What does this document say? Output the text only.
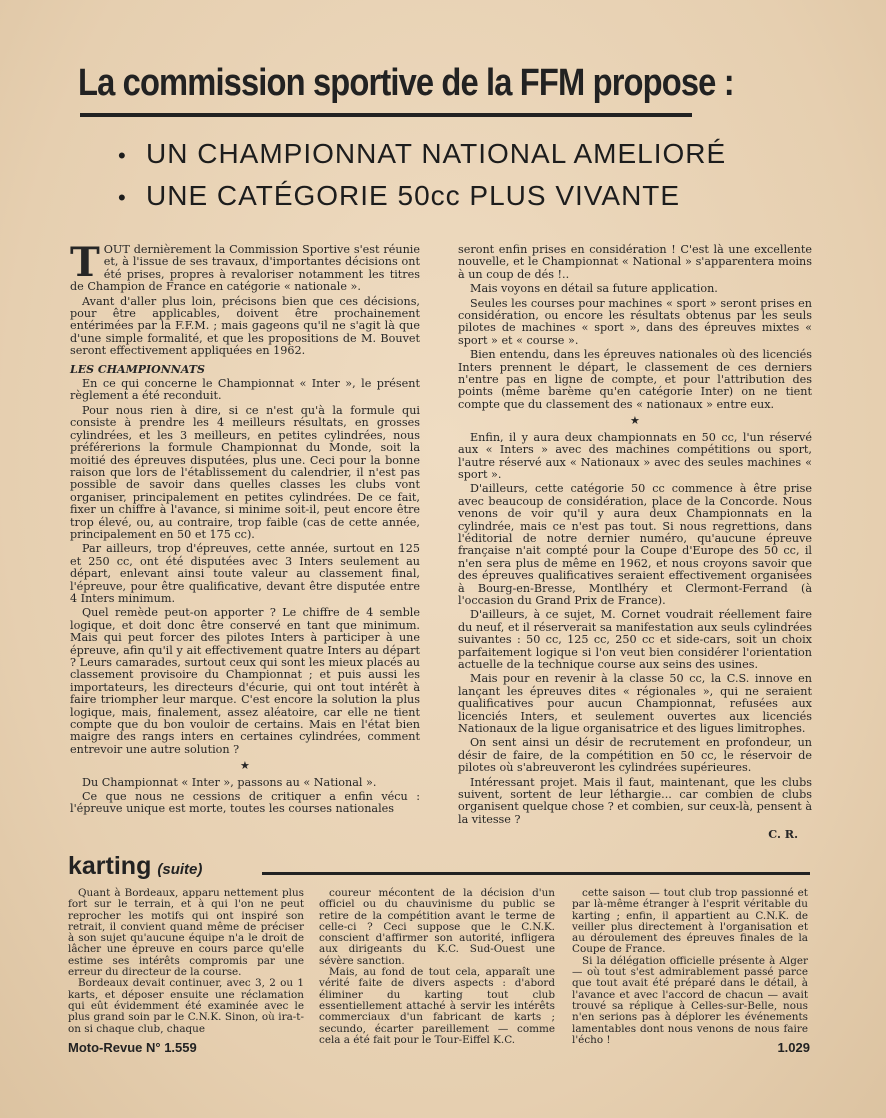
La commission sportive de la FFM propose :
• UN CHAMPIONNAT NATIONAL AMELIORÉ
• UNE CATÉGORIE 50cc PLUS VIVANTE

TOUT dernièrement la Commission Sportive s'est réunie et, à l'issue de ses travaux, d'importantes décisions ont été prises, propres à revaloriser notamment les titres de Champion de France en catégorie « nationale ».

Avant d'aller plus loin, précisons bien que ces décisions, pour être applicables, doivent être prochainement entérimées par la F.F.M. ; mais gageons qu'il ne s'agit là que d'une simple formalité, et que les propositions de M. Bouvet seront effectivement appliquées en 1962.

LES CHAMPIONNATS

En ce qui concerne le Championnat « Inter », le présent règlement a été reconduit.

Pour nous rien à dire, si ce n'est qu'à la formule qui consiste à prendre les 4 meilleurs résultats, en grosses cylindrées, et les 3 meilleurs, en petites cylindrées, nous préférerions la formule Championnat du Monde, soit la moitié des épreuves disputées, plus une. Ceci pour la bonne raison que lors de l'établissement du calendrier, il n'est pas possible de savoir dans quelles classes les clubs vont organiser, principalement en petites cylindrées. De ce fait, fixer un chiffre à l'avance, si minime soit-il, peut encore être trop élevé, ou, au contraire, trop faible (cas de cette année, principalement en 50 et 175 cc).

Par ailleurs, trop d'épreuves, cette année, surtout en 125 et 250 cc, ont été disputées avec 3 Inters seulement au départ, enlevant ainsi toute valeur au classement final, l'épreuve, pour être qualificative, devant être disputée entre 4 Inters minimum.

Quel remède peut-on apporter ? Le chiffre de 4 semble logique, et doit donc être conservé en tant que minimum. Mais qui peut forcer des pilotes Inters à participer à une épreuve, afin qu'il y ait effectivement quatre Inters au départ ? Leurs camarades, surtout ceux qui sont les mieux placés au classement provisoire du Championnat ; et puis aussi les importateurs, les directeurs d'écurie, qui ont tout intérêt à faire triompher leur marque. C'est encore la solution la plus logique, mais, finalement, assez aléatoire, car elle ne tient compte que du bon vouloir de certains. Mais en l'état bien maigre des rangs inters en certaines cylindrées, comment entrevoir une autre solution ?

★

Du Championnat « Inter », passons au « National ».

Ce que nous ne cessions de critiquer a enfin vécu : l'épreuve unique est morte, toutes les courses nationales

seront enfin prises en considération ! C'est là une excellente nouvelle, et le Championnat « National » s'apparentera moins à un coup de dés !..

Mais voyons en détail sa future application.

Seules les courses pour machines « sport » seront prises en considération, ou encore les résultats obtenus par les seuls pilotes de machines « sport », dans des épreuves mixtes « sport » et « course ».

Bien entendu, dans les épreuves nationales où des licenciés Inters prennent le départ, le classement de ces derniers n'entre pas en ligne de compte, et pour l'attribution des points (même barème qu'en catégorie Inter) on ne tient compte que du classement des « nationaux » entre eux.

★

Enfin, il y aura deux championnats en 50 cc, l'un réservé aux « Inters » avec des machines compétitions ou sport, l'autre réservé aux « Nationaux » avec des seules machines « sport ».

D'ailleurs, cette catégorie 50 cc commence à être prise avec beaucoup de considération, place de la Concorde. Nous venons de voir qu'il y aura deux Championnats en la cylindrée, mais ce n'est pas tout. Si nous regrettions, dans l'éditorial de notre dernier numéro, qu'aucune épreuve française n'ait compté pour la Coupe d'Europe des 50 cc, il n'en sera plus de même en 1962, et nous croyons savoir que des épreuves qualificatives seraient effectivement organisées à Bourg-en-Bresse, Montlhéry et Clermont-Ferrand (à l'occasion du Grand Prix de France).

D'ailleurs, à ce sujet, M. Cornet voudrait réellement faire du neuf, et il réserverait sa manifestation aux seuls cylindrées suivantes : 50 cc, 125 cc, 250 cc et side-cars, soit un choix parfaitement logique si l'on veut bien considérer l'orientation actuelle de la technique course aux seins des usines.

Mais pour en revenir à la classe 50 cc, la C.S. innove en lançant les épreuves dites « régionales », qui ne seraient qualificatives pour aucun Championnat, refusées aux licenciés Inters, et seulement ouvertes aux licenciés Nationaux de la ligue organisatrice et des ligues limitrophes.

On sent ainsi un désir de recrutement en profondeur, un désir de faire, de la compétition en 50 cc, le réservoir de pilotes où s'abreuveront les cylindrées supérieures.

Intéressant projet. Mais il faut, maintenant, que les clubs suivent, sortent de leur léthargie... car combien de clubs organisent quelque chose ? et combien, sur ceux-là, pensent à la vitesse ?

C. R.
karting (suite)

Quant à Bordeaux, apparu nettement plus fort sur le terrain, et à qui l'on ne peut reprocher les motifs qui ont inspiré son retrait, il convient quand même de préciser à son sujet qu'aucune équipe n'a le droit de lâcher une épreuve en cours parce qu'elle estime ses intérêts compromis par une erreur du directeur de la course.

Bordeaux devait continuer, avec 3, 2 ou 1 karts, et déposer ensuite une réclamation qui eût évidemment été examinée avec le plus grand soin par le C.N.K. Sinon, où ira-t-on si chaque club, chaque

coureur mécontent de la décision d'un officiel ou du chauvinisme du public se retire de la compétition avant le terme de celle-ci ? Ceci suppose que le C.N.K. conscient d'affirmer son autorité, infligera aux dirigeants du K.C. Sud-Ouest une sévère sanction.

Mais, au fond de tout cela, apparaît une vérité faite de divers aspects : d'abord éliminer du karting tout club essentiellement attaché à servir les intérêts commerciaux d'un fabricant de karts ; secundo, écarter pareillement — comme cela a été fait pour le Tour-Eiffel K.C.

cette saison — tout club trop passionné et par là-même étranger à l'esprit véritable du karting ; enfin, il appartient au C.N.K. de veiller plus directement à l'organisation et au déroulement des épreuves finales de la Coupe de France.

Si la délégation officielle présente à Alger — où tout s'est admirablement passé parce que tout avait été préparé dans le détail, à l'avance et avec l'accord de chacun — avait trouvé sa réplique à Celles-sur-Belle, nous n'en serions pas à déplorer les événements lamentables dont nous venons de nous faire l'écho !

Moto-Revue N° 1.559	1.029
